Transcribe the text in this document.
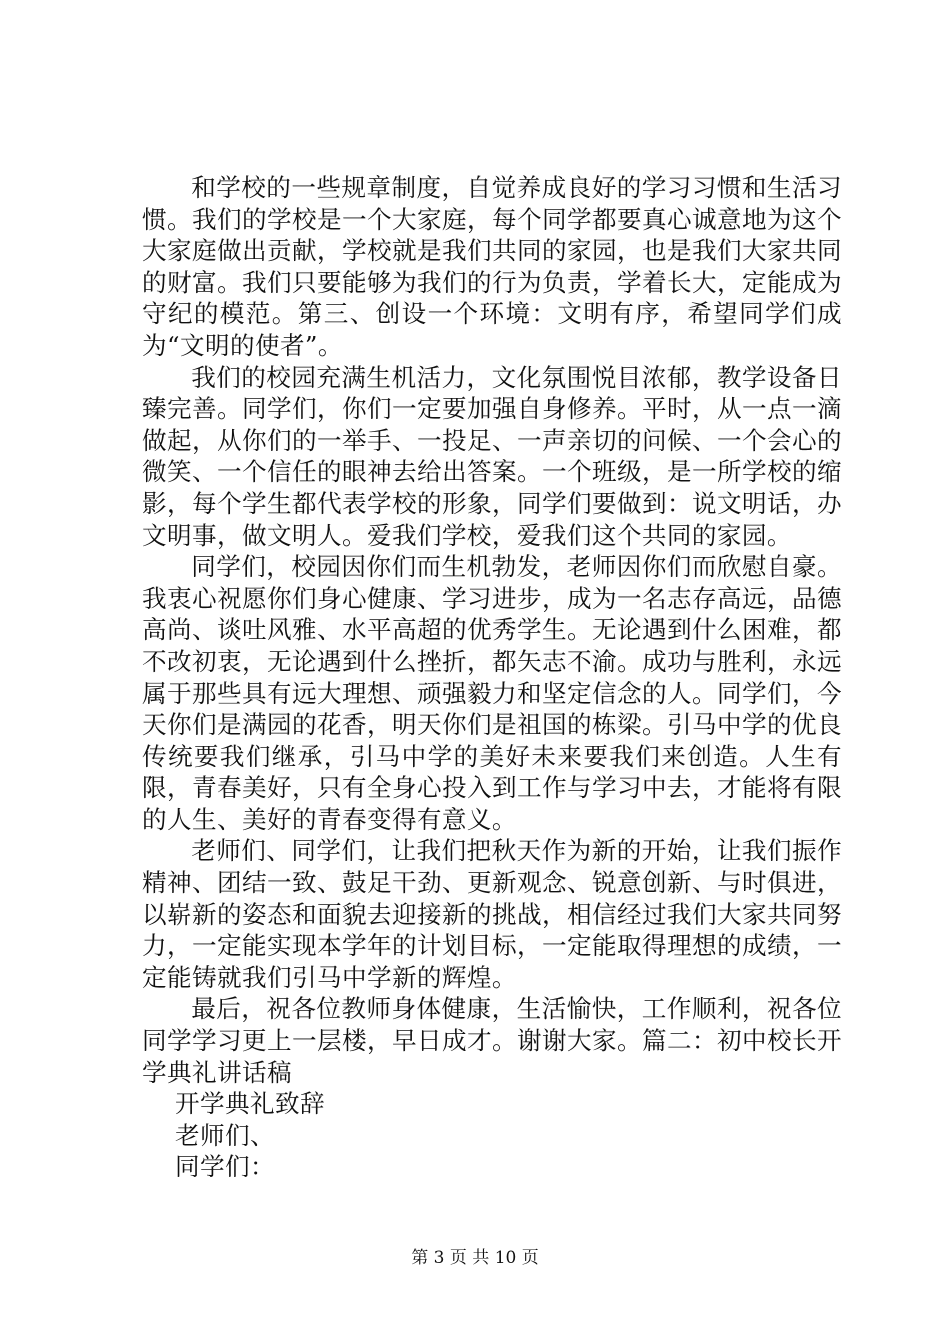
和学校的一些规章制度，自觉养成良好的学习习惯和生活习惯。我们的学校是一个大家庭，每个同学都要真心诚意地为这个大家庭做出贡献，学校就是我们共同的家园，也是我们大家共同的财富。我们只要能够为我们的行为负责，学着长大，定能成为守纪的模范。第三、创设一个环境：文明有序，希望同学们成为“文明的使者”。

我们的校园充满生机活力，文化氛围悦目浓郁，教学设备日臻完善。同学们，你们一定要加强自身修养。平时，从一点一滴做起，从你们的一举手、一投足、一声亲切的问候、一个会心的微笑、一个信任的眼神去给出答案。一个班级，是一所学校的缩影，每个学生都代表学校的形象，同学们要做到：说文明话，办文明事，做文明人。爱我们学校，爱我们这个共同的家园。

同学们，校园因你们而生机勃发，老师因你们而欣慰自豪。我衷心祝愿你们身心健康、学习进步，成为一名志存高远，品德高尚、谈吐风雅、水平高超的优秀学生。无论遇到什么困难，都不改初衷，无论遇到什么挫折，都矢志不渝。成功与胜利，永远属于那些具有远大理想、顽强毅力和坚定信念的人。同学们，今天你们是满园的花香，明天你们是祖国的栋梁。引马中学的优良传统要我们继承，引马中学的美好未来要我们来创造。人生有限，青春美好，只有全身心投入到工作与学习中去，才能将有限的人生、美好的青春变得有意义。

老师们、同学们，让我们把秋天作为新的开始，让我们振作精神、团结一致、鼓足干劲、更新观念、锐意创新、与时俱进，以崭新的姿态和面貌去迎接新的挑战，相信经过我们大家共同努力，一定能实现本学年的计划目标，一定能取得理想的成绩，一定能铸就我们引马中学新的辉煌。

最后，祝各位教师身体健康，生活愉快，工作顺利，祝各位同学学习更上一层楼，早日成才。谢谢大家。篇二：初中校长开学典礼讲话稿

开学典礼致辞

老师们、

同学们：

第 3 页 共 10 页
